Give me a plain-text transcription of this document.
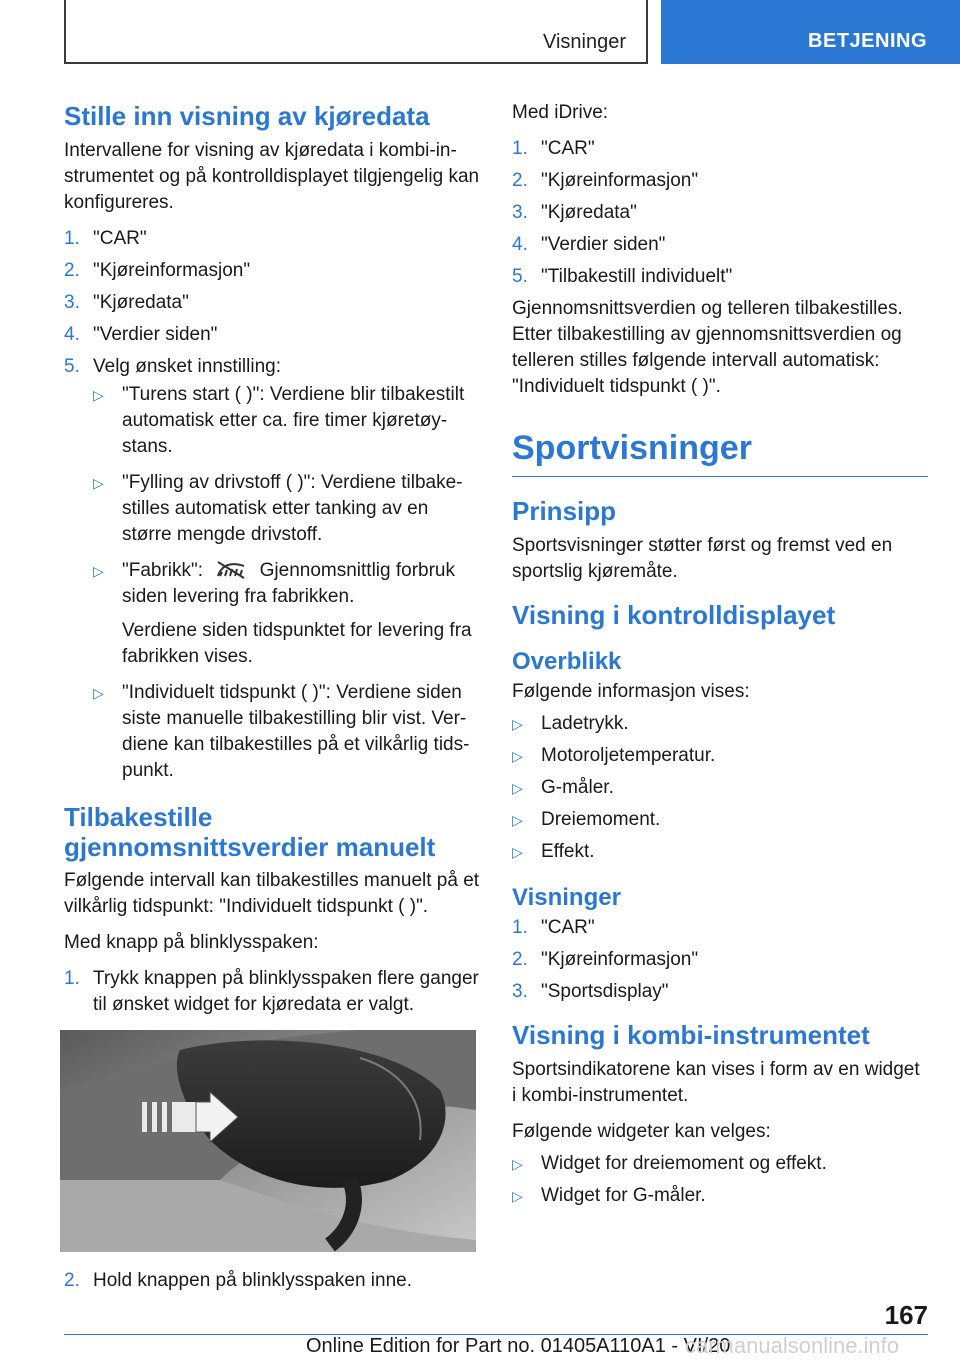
Visninger	BETJENING
Stille inn visning av kjøredata

Intervallene for visning av kjøredata i kombi-instrumentet og på kontrolldisplayet tilgjengelig kan konfigureres.

1. "CAR"
2. "Kjøreinformasjon"
3. "Kjøredata"
4. "Verdier siden"
5. Velg ønsket innstilling:
▷ "Turens start ( )": Verdiene blir tilbakestilt automatisk etter ca. fire timer kjøretøystans.
▷ "Fylling av drivstoff ( )": Verdiene tilbakestilles automatisk etter tanking av en større mengde drivstoff.
▷ "Fabrikk":  Gjennomsnittlig forbruk siden levering fra fabrikken.

Verdiene siden tidspunktet for levering fra fabrikken vises.

▷ "Individuelt tidspunkt ( )": Verdiene siden siste manuelle tilbakestilling blir vist. Verdiene kan tilbakestilles på et vilkårlig tidspunkt.
Tilbakestille gjennomsnittsverdier manuelt

Følgende intervall kan tilbakestilles manuelt på et vilkårlig tidspunkt: "Individuelt tidspunkt ( )".

Med knapp på blinklysspaken:

1. Trykk knappen på blinklysspaken flere ganger til ønsket widget for kjøredata er valgt.
2. Hold knappen på blinklysspaken inne.

Med iDrive:

1. "CAR"
2. "Kjøreinformasjon"
3. "Kjøredata"
4. "Verdier siden"
5. "Tilbakestill individuelt"

Gjennomsnittsverdien og telleren tilbakestilles. Etter tilbakestilling av gjennomsnittsverdien og telleren stilles følgende intervall automatisk: "Individuelt tidspunkt ( )".

Sportvisninger
Prinsipp

Sportsvisninger støtter først og fremst ved en sportslig kjøremåte.

Visning i kontrolldisplayet
Overblikk

Følgende informasjon vises:

▷ Ladetrykk.
▷ Motoroljetemperatur.
▷ G-måler.
▷ Dreiemoment.
▷ Effekt.
Visninger
1. "CAR"
2. "Kjøreinformasjon"
3. "Sportsdisplay"
Visning i kombi-instrumentet

Sportsindikatorene kan vises i form av en widget i kombi-instrumentet.

Følgende widgeter kan velges:

▷ Widget for dreiemoment og effekt.
▷ Widget for G-måler.
167
Online Edition for Part no. 01405A110A1 - VI/20
carmanualsonline.info
